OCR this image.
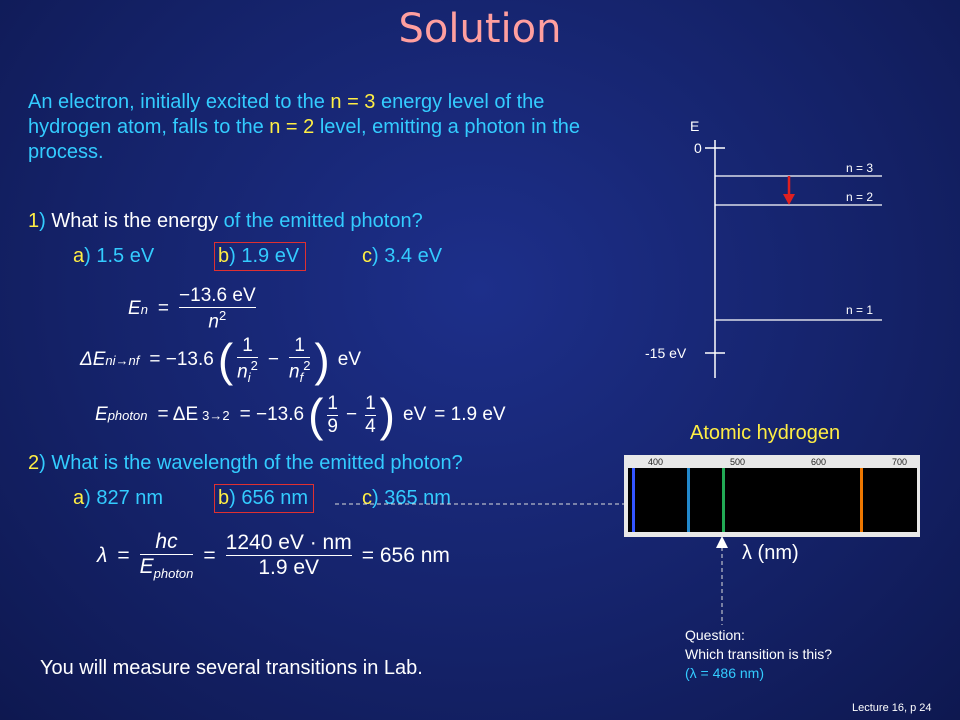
Solution
An electron, initially excited to the n = 3 energy level of the hydrogen atom, falls to the n = 2 level, emitting a photon in the process.
1) What is the energy of the emitted photon?
a) 1.5 eV	b) 1.9 eV	c) 3.4 eV
E $n = \frac{-13.6 eV}{n^2}$
ΔE ni→nf = −13.6 ( $\frac{1}{n_i^2} - \frac{1}{n_f^2}$ ) eV
E photon = ΔE 3→2 = −13.6 ( $\frac{1}{9} - \frac{1}{4}$ ) eV = 1.9 eV
2) What is the wavelength of the emitted photon?
a) 827 nm	b) 656 nm	c) 365 nm
$\lambda = \frac{hc}{E_{photon}} = \frac{1240 eV \cdot nm}{1.9 eV} = 656$ nm
You will measure several transitions in Lab.
E
0
-15 eV
n = 3
n = 2
n = 1
Atomic hydrogen
400	500	600	700
λ (nm)
Question:
Which transition is this?
(λ = 486 nm)
Lecture 16, p 24
